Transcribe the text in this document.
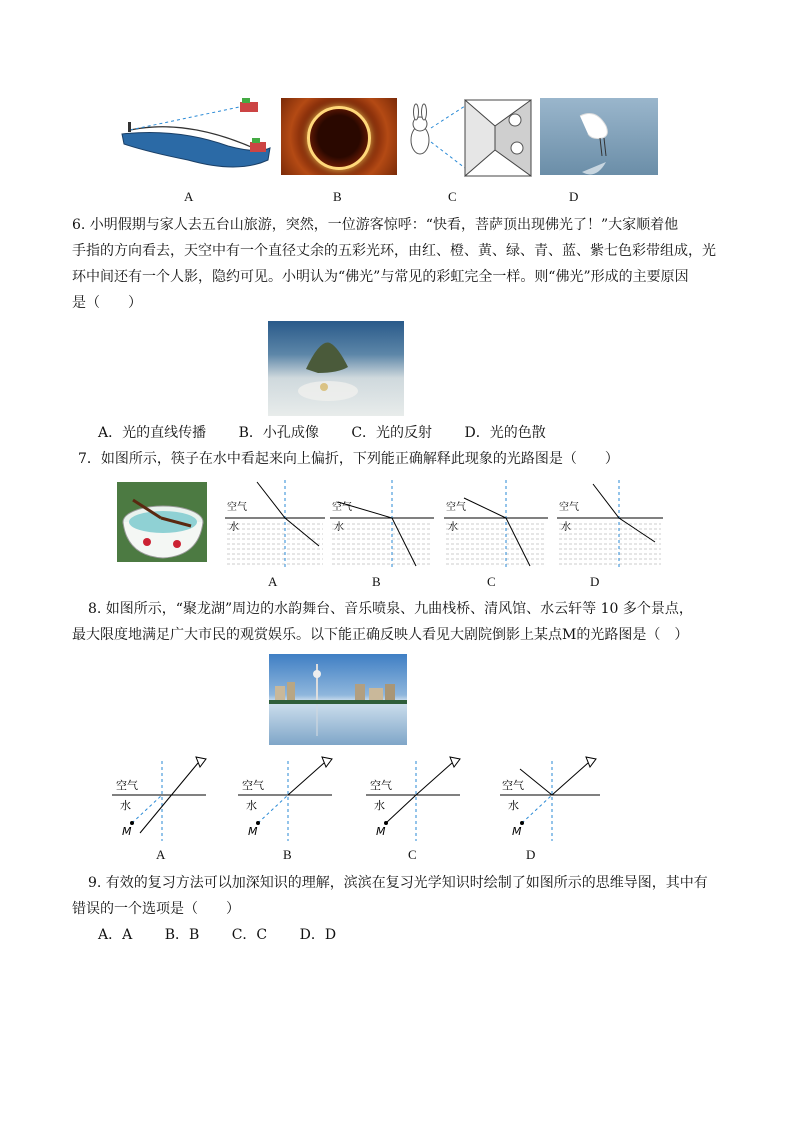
A	B	C	D
6. 小明假期与家人去五台山旅游，突然，一位游客惊呼：“快看，菩萨顶出现佛光了！”大家顺着他
手指的方向看去，天空中有一个直径丈余的五彩光环，由红、橙、黄、绿、青、蓝、紫七色彩带组成，光
环中间还有一个人影，隐约可见。小明认为“佛光”与常见的彩虹完全一样。则“佛光”形成的主要原因
是（　　）
A．光的直线传播 B．小孔成像 C．光的反射 D．光的色散
7．如图所示，筷子在水中看起来向上偏折，下列能正确解释此现象的光路图是（　　）
空气
水
空气
水
空气
水
空气
水
A	B	C	D
8. 如图所示，“聚龙湖”周边的水韵舞台、音乐喷泉、九曲栈桥、清风馆、水云轩等 10 多个景点，
最大限度地满足广大市民的观赏娱乐。以下能正确反映人看见大剧院倒影上某点M的光路图是（　）
空气
水
M
空气
水
M
空气
水
M
空气
水
M
A	B	C	D
9. 有效的复习方法可以加深知识的理解，滨滨在复习光学知识时绘制了如图所示的思维导图，其中有
错误的一个选项是（　　）
A．A B．B C．C D．D
